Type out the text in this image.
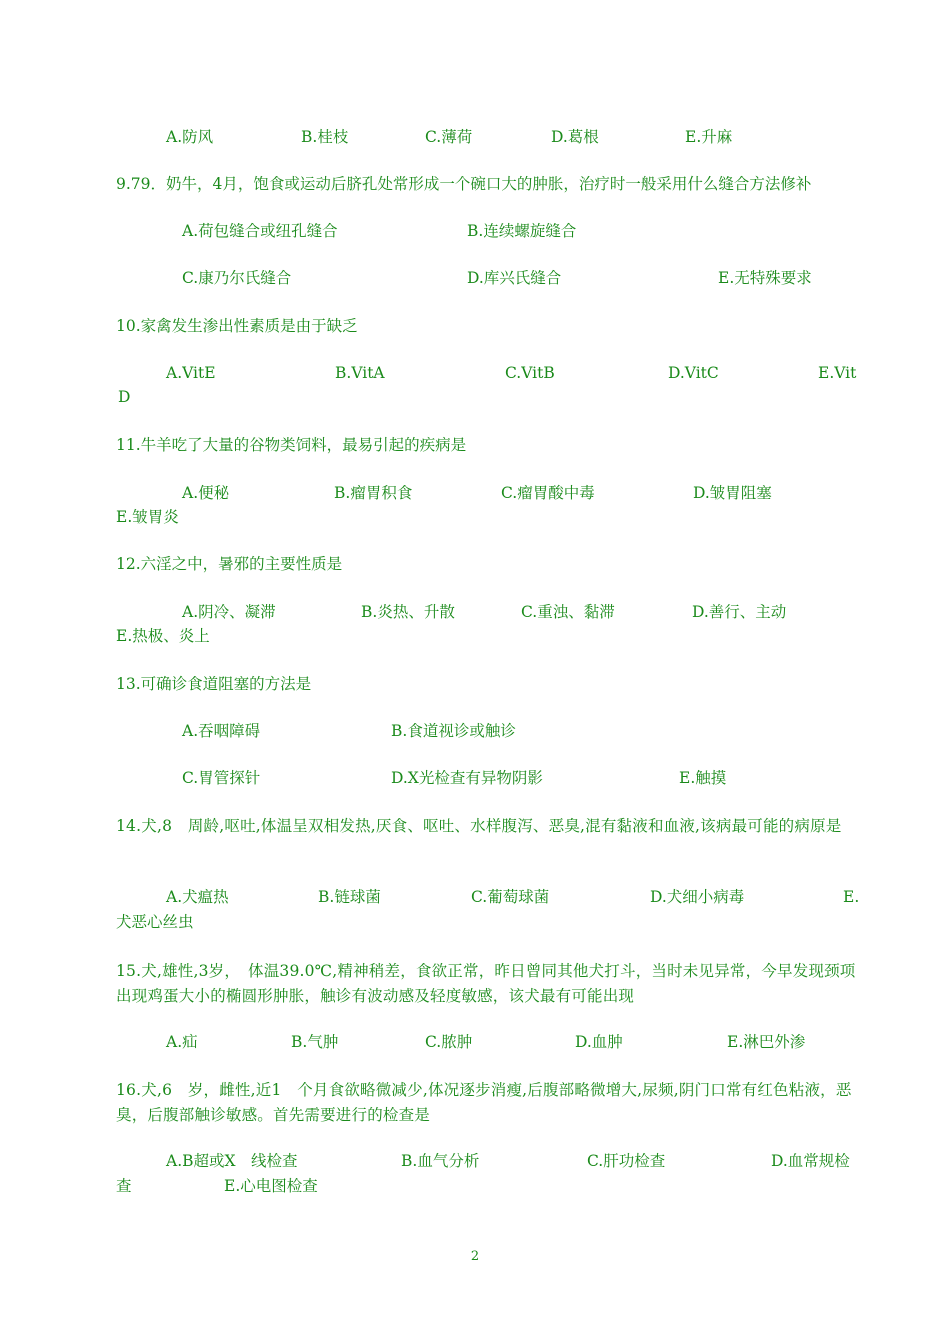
A.防风	B.桂枝	C.薄荷	D.葛根	E.升麻
9.79．奶牛，4月，饱食或运动后脐孔处常形成一个碗口大的肿胀，治疗时一般采用什么缝合方法修补
A.荷包缝合或纽孔缝合	B.连续螺旋缝合
C.康乃尔氏缝合	D.库兴氏缝合	E.无特殊要求
10.家禽发生渗出性素质是由于缺乏
A.VitE	B.VitA	C.VitB	D.VitC	E.Vit
D
11.牛羊吃了大量的谷物类饲料，最易引起的疾病是
A.便秘	B.瘤胃积食	C.瘤胃酸中毒	D.皱胃阻塞
E.皱胃炎
12.六淫之中，暑邪的主要性质是
A.阴冷、凝滞	B.炎热、升散	C.重浊、黏滞	D.善行、主动
E.热极、炎上
13.可确诊食道阻塞的方法是
A.吞咽障碍	B.食道视诊或触诊
C.胃管探针	D.X光检查有异物阴影	E.触摸
14.犬,8　周龄,呕吐,体温呈双相发热,厌食、呕吐、水样腹泻、恶臭,混有黏液和血液,该病最可能的病原是
A.犬瘟热	B.链球菌	C.葡萄球菌	D.犬细小病毒	E.
犬恶心丝虫
15.犬,雄性,3岁，　体温39.0℃,精神稍差，食欲正常，昨日曾同其他犬打斗，当时未见异常，今早发现颈项出现鸡蛋大小的椭圆形肿胀，触诊有波动感及轻度敏感，该犬最有可能出现
A.疝	B.气肿	C.脓肿	D.血肿	E.淋巴外渗
16.犬,6　岁，雌性,近1　个月食欲略微减少,体况逐步消瘦,后腹部略微增大,尿频,阴门口常有红色粘液，恶臭，后腹部触诊敏感。首先需要进行的检查是
A.B超或X　线检查	B.血气分析	C.肝功检查	D.血常规检
查	E.心电图检查
2
